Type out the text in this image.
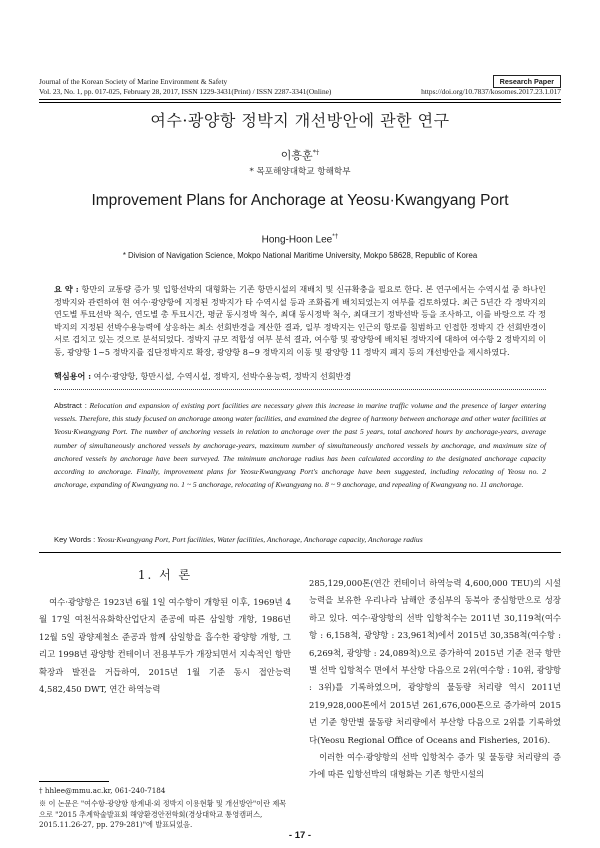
Journal of the Korean Society of Marine Environment & Safety
Vol. 23, No. 1, pp. 017-025, February 28, 2017, ISSN 1229-3431(Print) / ISSN 2287-3341(Online)
Research Paper
https://doi.org/10.7837/kosomes.2017.23.1.017
여수·광양항 정박지 개선방안에 관한 연구
이흥훈*†
* 목포해양대학교 항해학부
Improvement Plans for Anchorage at Yeosu·Kwangyang Port
Hong-Hoon Lee*†
* Division of Navigation Science, Mokpo National Maritime University, Mokpo 58628, Republic of Korea
요 약 : 항만의 교통량 증가 및 입항선박의 대형화는 기존 항만시설의 재배치 및 신규확충을 필요로 한다. 본 연구에서는 수역시설 중 하나인 정박지와 관련하여 현 여수·광양항에 지정된 정박지가 타 수역시설 등과 조화롭게 배치되었는지 여부를 검토하였다. 최근 5년간 각 정박지의 연도별 투묘선박 척수, 연도별 총 투묘시간, 평균 동시정박 척수, 최대 동시정박 척수, 최대크기 정박선박 등을 조사하고, 이를 바탕으로 각 정박지의 지정된 선박수용능력에 상응하는 최소 선회반경을 계산한 결과, 일부 정박지는 인근의 항로를 침범하고 인접한 정박지 간 선회반경이 서로 겹치고 있는 것으로 분석되었다. 정박지 규모 적합성 여부 분석 결과, 여수항 및 광양항에 배치된 정박지에 대하여 여수항 2 정박지의 이동, 광양항 1~5 정박지를 집단정박지로 확장, 광양항 8~9 정박지의 이동 및 광양항 11 정박지 폐지 등의 개선방안을 제시하였다.
핵심용어 : 여수·광양항, 항만시설, 수역시설, 정박지, 선박수용능력, 정박지 선회반경
Abstract : Relocation and expansion of existing port facilities are necessary given this increase in marine traffic volume and the presence of larger entering vessels. Therefore, this study focused on anchorage among water facilities, and examined the degree of harmony between anchorage and other water facilities at Yeosu·Kwangyang Port. The number of anchoring vessels in relation to anchorage over the past 5 years, total anchored hours by anchorage-years, average number of simultaneously anchored vessels by anchorage-years, maximum number of simultaneously anchored vessels by anchorage, and maximum size of anchored vessels by anchorage have been surveyed. The minimum anchorage radius has been calculated according to the designated anchorage capacity according to anchorage. Finally, improvement plans for Yeosu·Kwangyang Port's anchorage have been suggested, including relocating of Yeosu no. 2 anchorage, expanding of Kwangyang no. 1 ~ 5 anchorage, relocating of Kwangyang no. 8 ~ 9 anchorage, and repealing of Kwangyang no. 11 anchorage.
Key Words : Yeosu·Kwangyang Port, Port facilities, Water facilities, Anchorage, Anchorage capacity, Anchorage radius
1. 서 론

여수·광양항은 1923년 6월 1일 여수항이 개항된 이후, 1969년 4월 17일 여천석유화학산업단지 준공에 따른 삼일항 개항, 1986년 12월 5일 광양제철소 준공과 함께 삼일항을 흡수한 광양항 개항, 그리고 1998년 광양항 컨테이너 전용부두가 개장되면서 지속적인 항만 확장과 발전을 거듭하여, 2015년 1월 기준 동시 접안능력 4,582,450 DWT, 연간 하역능력

285,129,000톤(연간 컨테이너 하역능력 4,600,000 TEU)의 시설능력을 보유한 우리나라 남해안 중심부의 동북아 중심항만으로 성장하고 있다. 여수·광양항의 선박 입항척수는 2011년 30,119척(여수항 : 6,158척, 광양항 : 23,961척)에서 2015년 30,358척(여수항 : 6,269척, 광양항 : 24,089척)으로 증가하여 2015년 기준 전국 항만별 선박 입항척수 면에서 부산항 다음으로 2위(여수항 : 10위, 광양항 : 3위)를 기록하였으며, 광양항의 물동량 처리량 역시 2011년 219,928,000톤에서 2015년 261,676,000톤으로 증가하여 2015년 기준 항만별 물동량 처리량에서 부산항 다음으로 2위를 기록하였다(Yeosu Regional Office of Oceans and Fisheries, 2016).

이러한 여수·광양항의 선박 입항척수 증가 및 물동량 처리량의 증가에 따른 입항선박의 대형화는 기존 항만시설의

† hhlee@mmu.ac.kr, 061-240-7184
※ 이 논문은 "여수항·광양항 항계내·외 정박지 이용현황 및 개선방안"이란 제목으로 "2015 추계학술발표회 해양환경안전학회(경상대학교 통영캠퍼스, 2015.11.26-27, pp. 279-281)"에 발표되었음.
- 17 -
